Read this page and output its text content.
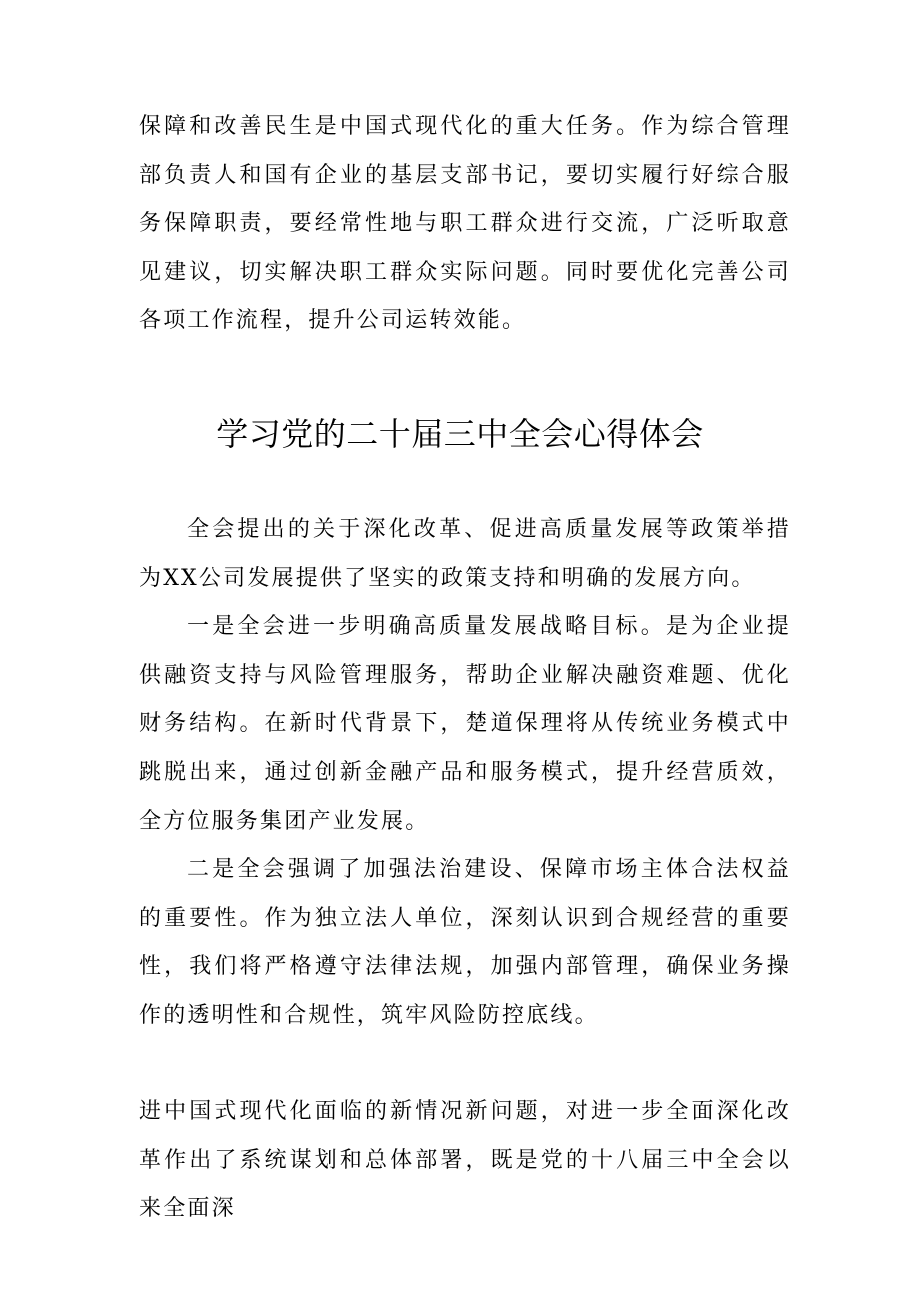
保障和改善民生是中国式现代化的重大任务。作为综合管理部负责人和国有企业的基层支部书记，要切实履行好综合服务保障职责，要经常性地与职工群众进行交流，广泛听取意见建议，切实解决职工群众实际问题。同时要优化完善公司各项工作流程，提升公司运转效能。

学习党的二十届三中全会心得体会

全会提出的关于深化改革、促进高质量发展等政策举措为XX公司发展提供了坚实的政策支持和明确的发展方向。

一是全会进一步明确高质量发展战略目标。是为企业提供融资支持与风险管理服务，帮助企业解决融资难题、优化财务结构。在新时代背景下，楚道保理将从传统业务模式中跳脱出来，通过创新金融产品和服务模式，提升经营质效，全方位服务集团产业发展。

二是全会强调了加强法治建设、保障市场主体合法权益的重要性。作为独立法人单位，深刻认识到合规经营的重要性，我们将严格遵守法律法规，加强内部管理，确保业务操作的透明性和合规性，筑牢风险防控底线。

进中国式现代化面临的新情况新问题，对进一步全面深化改革作出了系统谋划和总体部署，既是党的十八届三中全会以来全面深
